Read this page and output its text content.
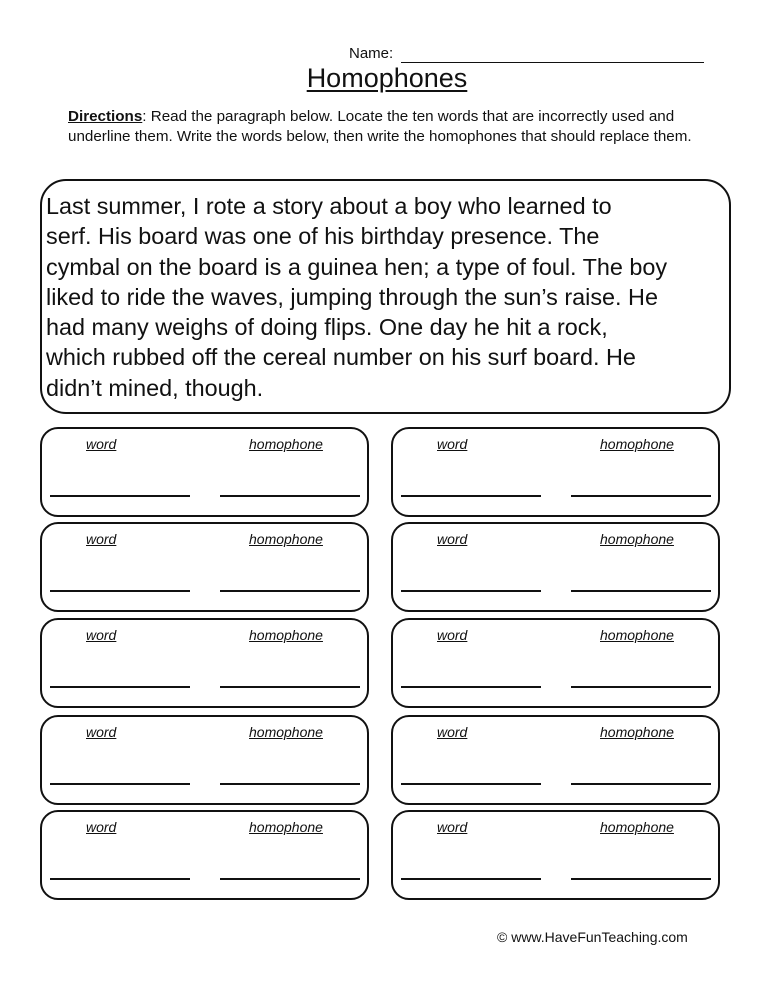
Name:
Homophones
Directions: Read the paragraph below. Locate the ten words that are incorrectly used and underline them. Write the words below, then write the homophones that should replace them.
Last summer, I rote a story about a boy who learned to
serf. His board was one of his birthday presence. The
cymbal on the board is a guinea hen; a type of foul. The boy
liked to ride the waves, jumping through the sun’s raise. He
had many weighs of doing flips. One day he hit a rock,
which rubbed off the cereal number on his surf board. He
didn’t mined, though.
word	homophone
word	homophone
word	homophone
word	homophone
word	homophone
word	homophone
word	homophone
word	homophone
word	homophone
word	homophone
© www.HaveFunTeaching.com
